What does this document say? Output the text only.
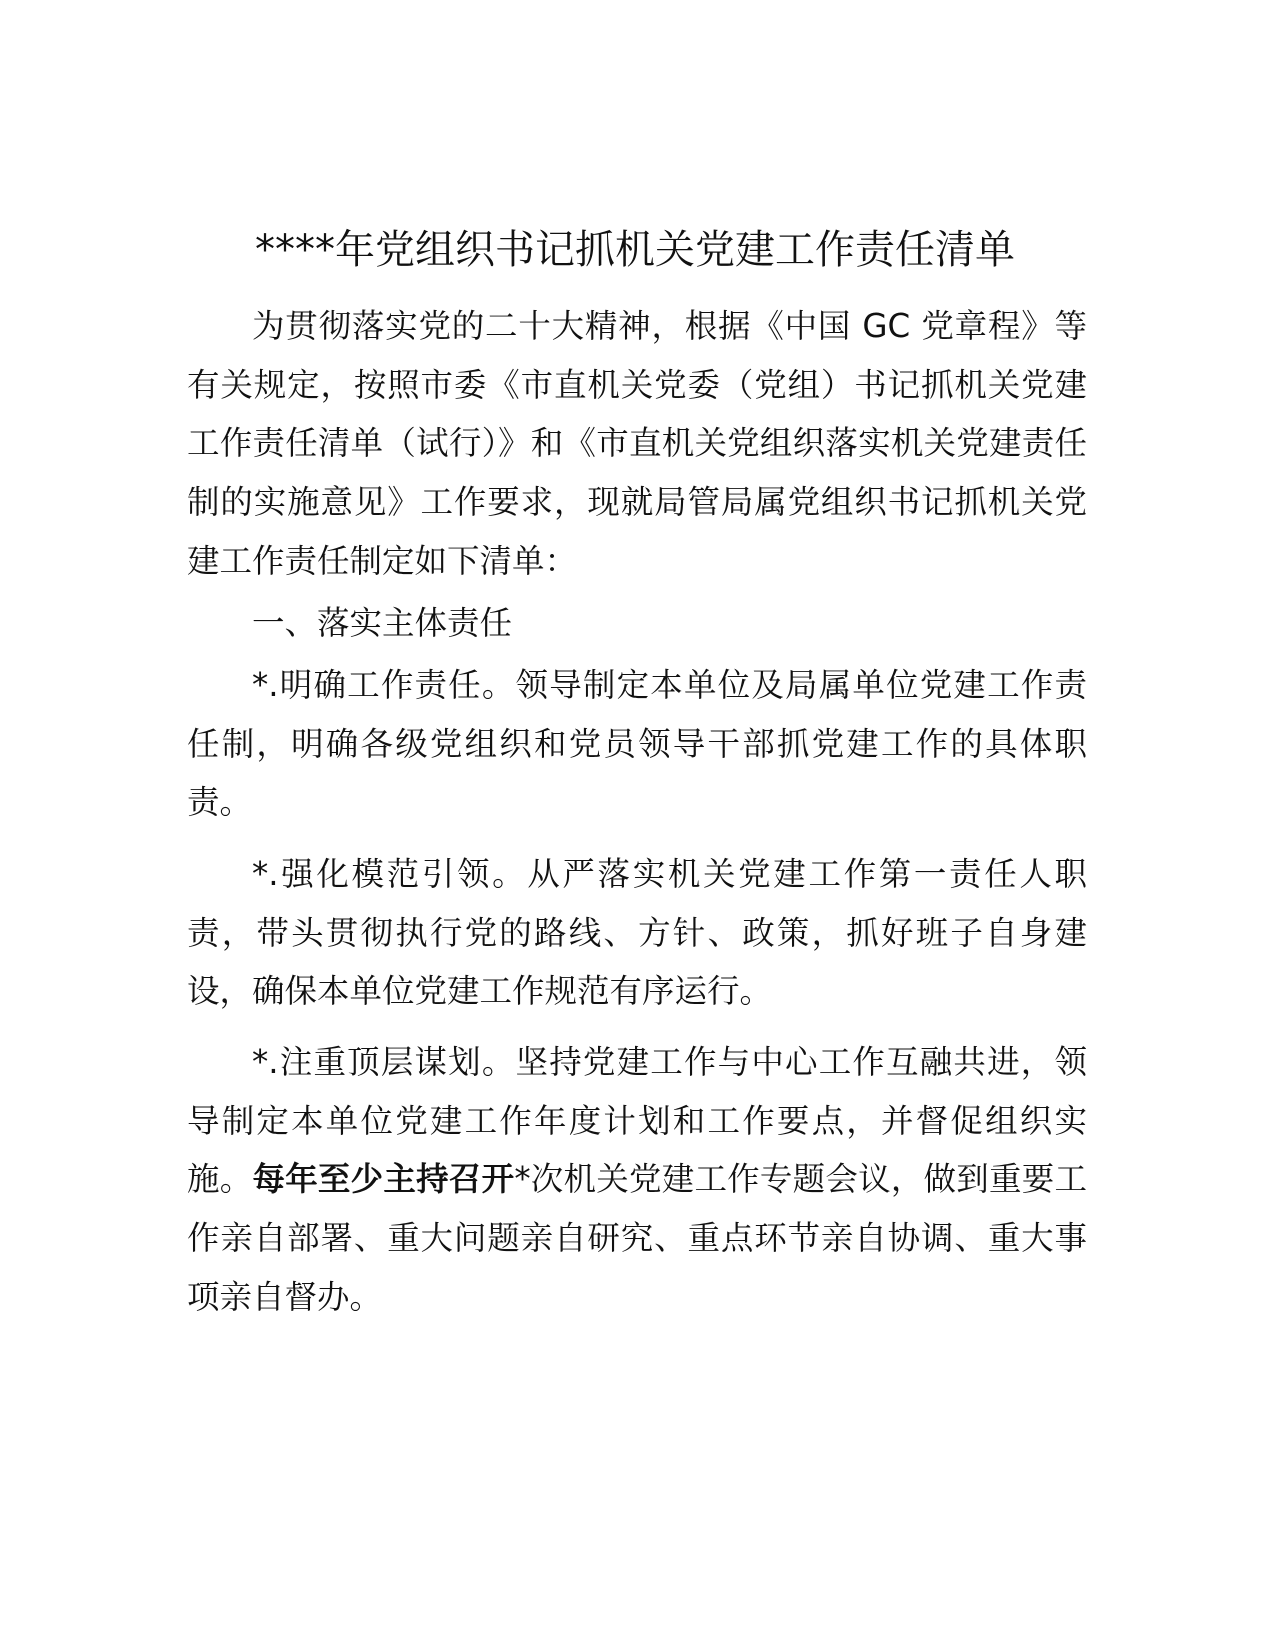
****年党组织书记抓机关党建工作责任清单

为贯彻落实党的二十大精神，根据《中国 GC 党章程》等有关规定，按照市委《市直机关党委（党组）书记抓机关党建工作责任清单（试行）》和《市直机关党组织落实机关党建责任制的实施意见》工作要求，现就局管局属党组织书记抓机关党建工作责任制定如下清单：

一、落实主体责任

*.明确工作责任。领导制定本单位及局属单位党建工作责任制，明确各级党组织和党员领导干部抓党建工作的具体职责。

*.强化模范引领。从严落实机关党建工作第一责任人职责，带头贯彻执行党的路线、方针、政策，抓好班子自身建设，确保本单位党建工作规范有序运行。

*.注重顶层谋划。坚持党建工作与中心工作互融共进，领导制定本单位党建工作年度计划和工作要点，并督促组织实施。每年至少主持召开*次机关党建工作专题会议，做到重要工作亲自部署、重大问题亲自研究、重点环节亲自协调、重大事项亲自督办。
